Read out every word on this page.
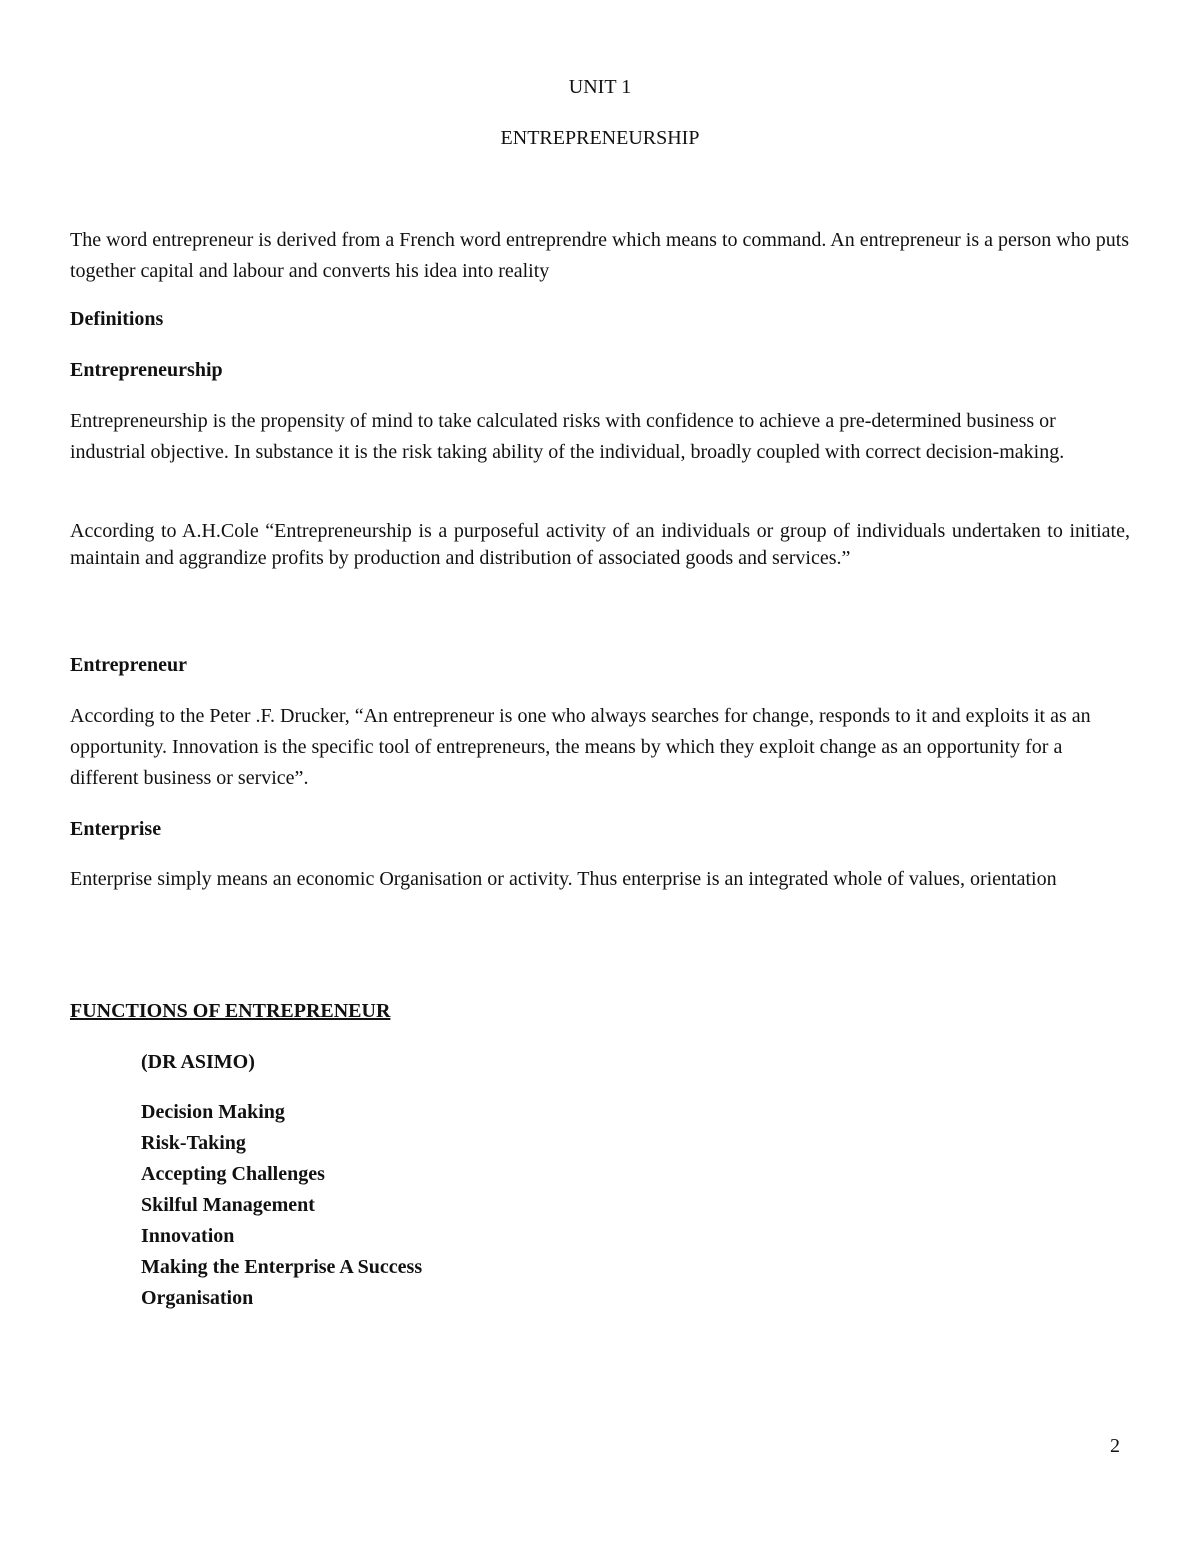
UNIT 1
ENTREPRENEURSHIP

The word entrepreneur is derived from a French word entreprendre which means to command. An entrepreneur is a person who puts together capital and labour and converts his idea into reality

Definitions
Entrepreneurship

Entrepreneurship is the propensity of mind to take calculated risks with confidence to achieve a pre-determined business or industrial objective. In substance it is the risk taking ability of the individual, broadly coupled with correct decision-making.

According to A.H.Cole “Entrepreneurship is a purposeful activity of an individuals or group of individuals undertaken to initiate, maintain and aggrandize profits by production and distribution of associated goods and services.”

Entrepreneur

According to the Peter .F. Drucker, “An entrepreneur is one who always searches for change, responds to it and exploits it as an opportunity. Innovation is the specific tool of entrepreneurs, the means by which they exploit change as an opportunity for a different business or service”.

Enterprise

Enterprise simply means an economic Organisation or activity. Thus enterprise is an integrated whole of values, orientation

FUNCTIONS OF ENTREPRENEUR
(DR ASIMO)
Decision Making
Risk-Taking
Accepting Challenges
Skilful Management
Innovation
Making the Enterprise A Success
Organisation
2
